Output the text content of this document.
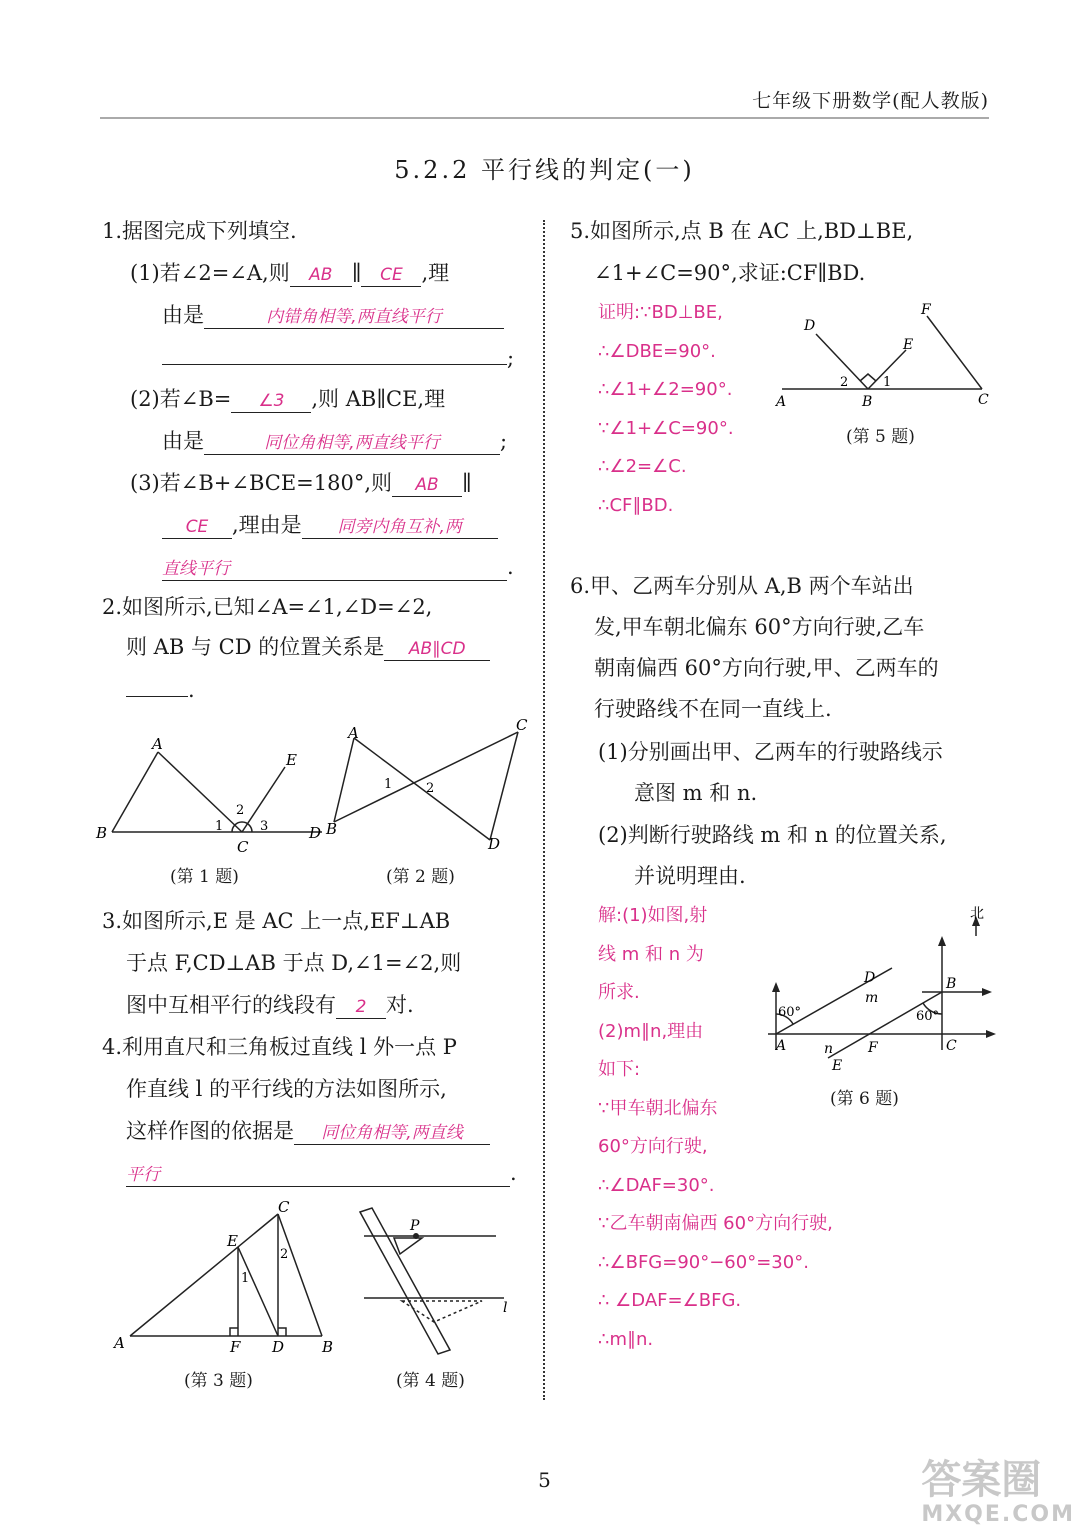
七年级下册数学(配人教版)
5.2.2 平行线的判定(一)
1.据图完成下列填空.
(1)若∠2=∠A,则 AB ∥ CE ,理
由是	内错角相等,两直线平行
;
(2)若∠B= ∠3 ,则 AB∥CE,理
由是	同位角相等,两直线平行	;
(3)若∠B+∠BCE=180°,则 AB ∥
CE ,理由是 同旁内角互补,两
直线平行	.
2.如图所示,已知∠A=∠1,∠D=∠2,
则 AB 与 CD 的位置关系是 AB∥CD
.
A
B
C
D
E
1
2
3
(第 1 题)
A
B
C
D
1	2
(第 2 题)
3.如图所示,E 是 AC 上一点,EF⊥AB
于点 F,CD⊥AB 于点 D,∠1=∠2,则
图中互相平行的线段有 2 对.
4.利用直尺和三角板过直线 l 外一点 P
作直线 l 的平行线的方法如图所示,
这样作图的依据是 同位角相等,两直线
平行	.
A	B
C
D
E
F
1
2
(第 3 题)
P
l
(第 4 题)
5.如图所示,点 B 在 AC 上,BD⊥BE,
∠1+∠C=90°,求证:CF∥BD.
证明:∵BD⊥BE,
∴∠DBE=90°.
∴∠1+∠2=90°.
∵∠1+∠C=90°.
∴∠2=∠C.
∴CF∥BD.
A	B	C
D
E
F
1
2
(第 5 题)
6.甲、乙两车分别从 A,B 两个车站出
发,甲车朝北偏东 60°方向行驶,乙车
朝南偏西 60°方向行驶,甲、乙两车的
行驶路线不在同一直线上.
(1)分别画出甲、乙两车的行驶路线示
意图 m 和 n.
(2)判断行驶路线 m 和 n 的位置关系,
并说明理由.
解:(1)如图,射
线 m 和 n 为
所求.
(2)m∥n,理由
如下:
∵甲车朝北偏东
60°方向行驶,
∴∠DAF=30°.
∵乙车朝南偏西 60°方向行驶,
∴∠BFG=90°−60°=30°.
∴ ∠DAF=∠BFG.
∴m∥n.
北
A
B
C
D
E
F
m
n
60°	60°
(第 6 题)
5	答案圈
MXQE.COM
